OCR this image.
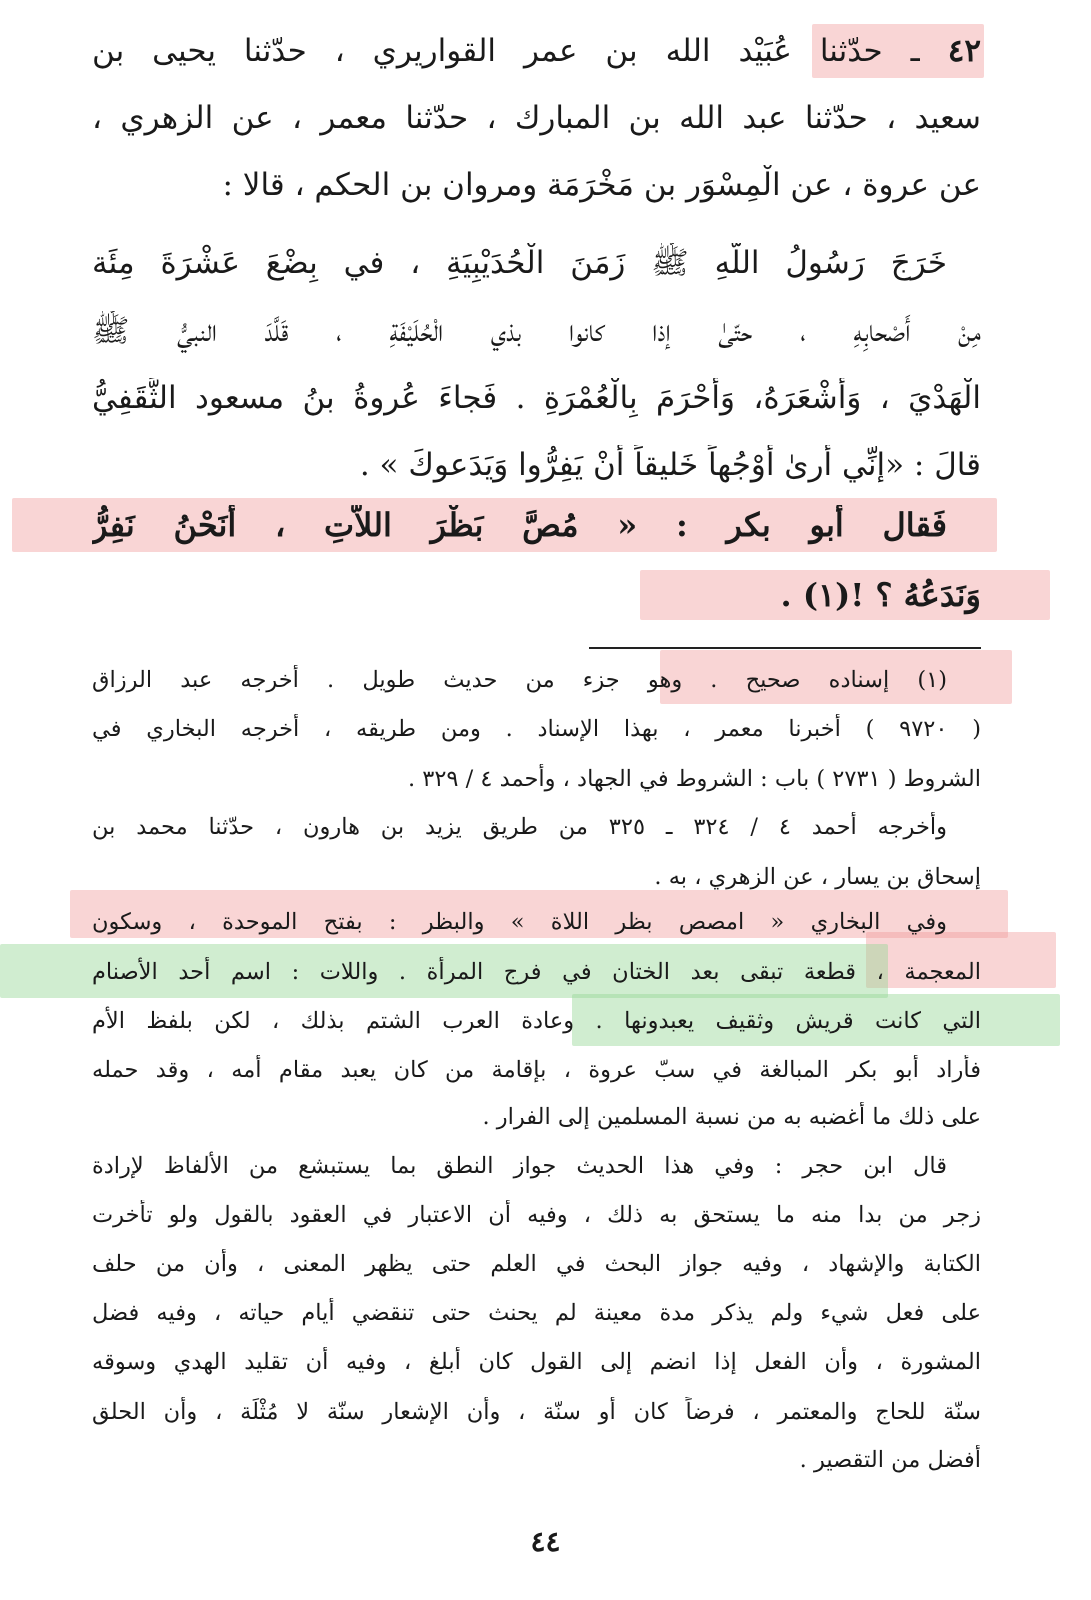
٤٢ ـ حدّثنا عُبَيْد الله بن عمر القواريري ، حدّثنا يحيى بن
سعيد ، حدّثنا عبد الله بن المبارك ، حدّثنا معمر ، عن الزهري ،
عن عروة ، عن الْمِسْوَر بن مَخْرَمَة ومروان بن الحكم ، قالا :
خَرَجَ رَسُولُ اللّهِ ﷺ زَمَنَ الْحُدَيْبِيَةِ ، في بِضْعَ عَشْرَةَ مِئَة
مِنْ أَصْحابِهِ ، حتّىٰ إذا كانوا بذي الْحُلَيْفَةِ ، قَلَّدَ النبيُّ ﷺ
الْهَدْيَ ، وَأَشْعَرَهُ، وَأَحْرَمَ بِالْعُمْرَةِ . فَجاءَ عُروةُ بنُ مسعود الثَّقَفِيُّ
قالَ : «إنِّي أرىٰ أَوْجُهاً خَليقاً أَنْ يَفِرُّوا وَيَدَعوكَ » .
فَقال أبو بكر : « مُصَّ بَظْرَ اللاّتِ ، أَنَحْنُ نَفِرُّ
وَنَدَعُهُ ؟ !(١) .
(١) إسناده صحيح . وهو جزء من حديث طويل . أخرجه عبد الرزاق
( ٩٧٢٠ ) أخبرنا معمر ، بهذا الإسناد . ومن طريقه ، أخرجه البخاري في
الشروط ( ٢٧٣١ ) باب : الشروط في الجهاد ، وأحمد ٤ / ٣٢٩ .
وأخرجه أحمد ٤ / ٣٢٤ ـ ٣٢٥ من طريق يزيد بن هارون ، حدّثنا محمد بن
إسحاق بن يسار ، عن الزهري ، به .
وفي البخاري « امصص بظر اللاة » والبظر : بفتح الموحدة ، وسكون
المعجمة ، قطعة تبقى بعد الختان في فرج المرأة . واللات : اسم أحد الأصنام
التي كانت قريش وثقيف يعبدونها . وعادة العرب الشتم بذلك ، لكن بلفظ الأم
فأراد أبو بكر المبالغة في سبّ عروة ، بإقامة من كان يعبد مقام أمه ، وقد حمله
على ذلك ما أغضبه به من نسبة المسلمين إلى الفرار .
قال ابن حجر : وفي هذا الحديث جواز النطق بما يستبشع من الألفاظ لإرادة
زجر من بدا منه ما يستحق به ذلك ، وفيه أن الاعتبار في العقود بالقول ولو تأخرت
الكتابة والإشهاد ، وفيه جواز البحث في العلم حتى يظهر المعنى ، وأن من حلف
على فعل شيء ولم يذكر مدة معينة لم يحنث حتى تنقضي أيام حياته ، وفيه فضل
المشورة ، وأن الفعل إذا انضم إلى القول كان أبلغ ، وفيه أن تقليد الهدي وسوقه
سنّة للحاج والمعتمر ، فرضاً كان أو سنّة ، وأن الإشعار سنّة لا مُثْلَة ، وأن الحلق
أفضل من التقصير .
٤٤
